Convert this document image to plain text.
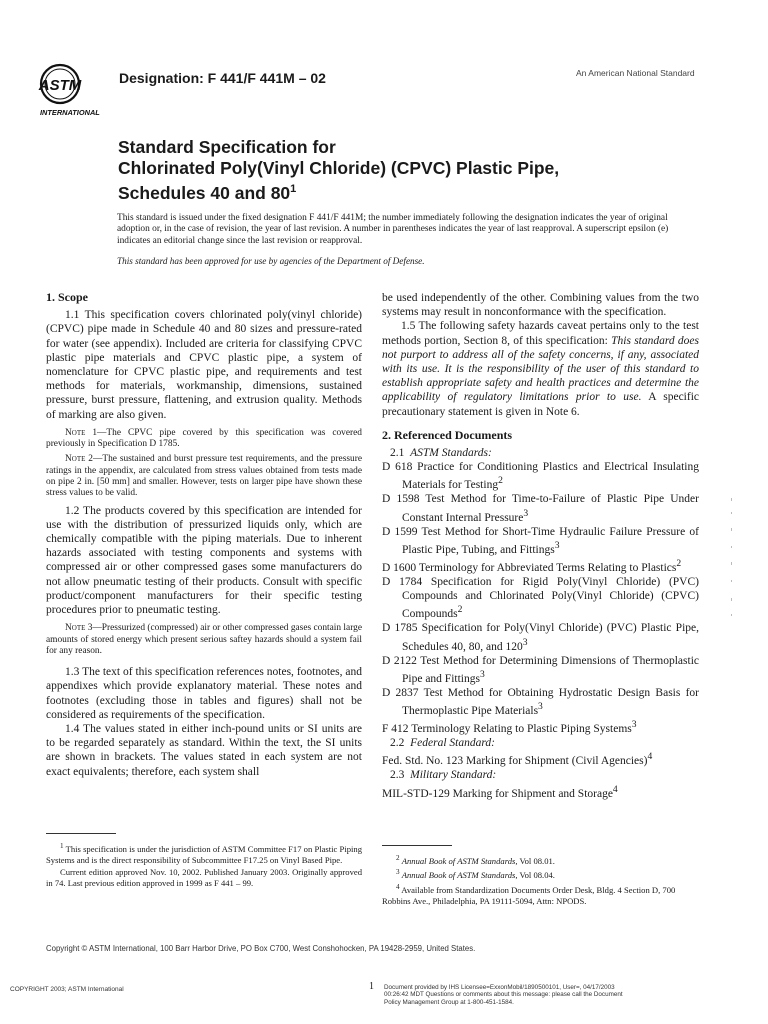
ASTM
INTERNATIONAL
Designation: F 441/F 441M – 02	An American National Standard
Standard Specification for
Chlorinated Poly(Vinyl Chloride) (CPVC) Plastic Pipe,
Schedules 40 and $80^1$
This standard is issued under the fixed designation F 441/F 441M; the number immediately following the designation indicates the year of original adoption or, in the case of revision, the year of last revision. A number in parentheses indicates the year of last reapproval. A superscript epsilon (e) indicates an editorial change since the last revision or reapproval.
This standard has been approved for use by agencies of the Department of Defense.
1. Scope
1.1 This specification covers chlorinated poly(vinyl chloride) (CPVC) pipe made in Schedule 40 and 80 sizes and pressure-rated for water (see appendix). Included are criteria for classifying CPVC plastic pipe materials and CPVC plastic pipe, a system of nomenclature for CPVC plastic pipe, and requirements and test methods for materials, workmanship, dimensions, sustained pressure, burst pressure, flattening, and extrusion quality. Methods of marking are also given.
Note 1—The CPVC pipe covered by this specification was covered previously in Specification D 1785.
Note 2—The sustained and burst pressure test requirements, and the pressure ratings in the appendix, are calculated from stress values obtained from tests made on pipe 2 in. [50 mm] and smaller. However, tests on larger pipe have shown these stress values to be valid.
1.2 The products covered by this specification are intended for use with the distribution of pressurized liquids only, which are chemically compatible with the piping materials. Due to inherent hazards associated with testing components and systems with compressed air or other compressed gases some manufacturers do not allow pneumatic testing of their products. Consult with specific product/component manufacturers for their specific testing procedures prior to pneumatic testing.
Note 3—Pressurized (compressed) air or other compressed gases contain large amounts of stored energy which present serious saftey hazards should a system fail for any reason.
1.3 The text of this specification references notes, footnotes, and appendixes which provide explanatory material. These notes and footnotes (excluding those in tables and figures) shall not be considered as requirements of the specification.
1.4 The values stated in either inch-pound units or SI units are to be regarded separately as standard. Within the text, the SI units are shown in brackets. The values stated in each system are not exact equivalents; therefore, each system shall
be used independently of the other. Combining values from the two systems may result in nonconformance with the specification.
1.5 The following safety hazards caveat pertains only to the test methods portion, Section 8, of this specification: This standard does not purport to address all of the safety concerns, if any, associated with its use. It is the responsibility of the user of this standard to establish appropriate safety and health practices and determine the applicability of regulatory limitations prior to use. A specific precautionary statement is given in Note 6.
2. Referenced Documents
2.1 ASTM Standards:
D 618 Practice for Conditioning Plastics and Electrical Insulating Materials for Testing$^2$
D 1598 Test Method for Time-to-Failure of Plastic Pipe Under Constant Internal Pressure$^3$
D 1599 Test Method for Short-Time Hydraulic Failure Pressure of Plastic Pipe, Tubing, and Fittings$^3$
D 1600 Terminology for Abbreviated Terms Relating to Plastics$^2$
D 1784 Specification for Rigid Poly(Vinyl Chloride) (PVC) Compounds and Chlorinated Poly(Vinyl Chloride) (CPVC) Compounds$^2$
D 1785 Specification for Poly(Vinyl Chloride) (PVC) Plastic Pipe, Schedules 40, 80, and $120^3$
D 2122 Test Method for Determining Dimensions of Thermoplastic Pipe and Fittings$^3$
D 2837 Test Method for Obtaining Hydrostatic Design Basis for Thermoplastic Pipe Materials$^3$
F 412 Terminology Relating to Plastic Piping Systems$^3$
2.2 Federal Standard:
Fed. Std. No. 123 Marking for Shipment (Civil Agencies)$^4$
2.3 Military Standard:
MIL-STD-129 Marking for Shipment and Storage$^4$
$^1$ This specification is under the jurisdiction of ASTM Committee F17 on Plastic Piping Systems and is the direct responsibility of Subcommittee F17.25 on Vinyl Based Pipe.
Current edition approved Nov. 10, 2002. Published January 2003. Originally approved in 74. Last previous edition approved in 1999 as F 441 – 99.
$^2$ Annual Book of ASTM Standards, Vol 08.01.
$^3$ Annual Book of ASTM Standards, Vol 08.04.
$^4$ Available from Standardization Documents Order Desk, Bldg. 4 Section D, 700 Robbins Ave., Philadelphia, PA 19111-5094, Attn: NPODS.
Copyright © ASTM International, 100 Barr Harbor Drive, PO Box C700, West Conshohocken, PA 19428-2959, United States.
COPYRIGHT 2003; ASTM International	1 Document provided by IHS Licensee=ExxonMobil/1890500101, User=, 04/17/2003 00:26:42 MDT Questions or comments about this message: please call the Document Policy Management Group at 1-800-451-1584.
